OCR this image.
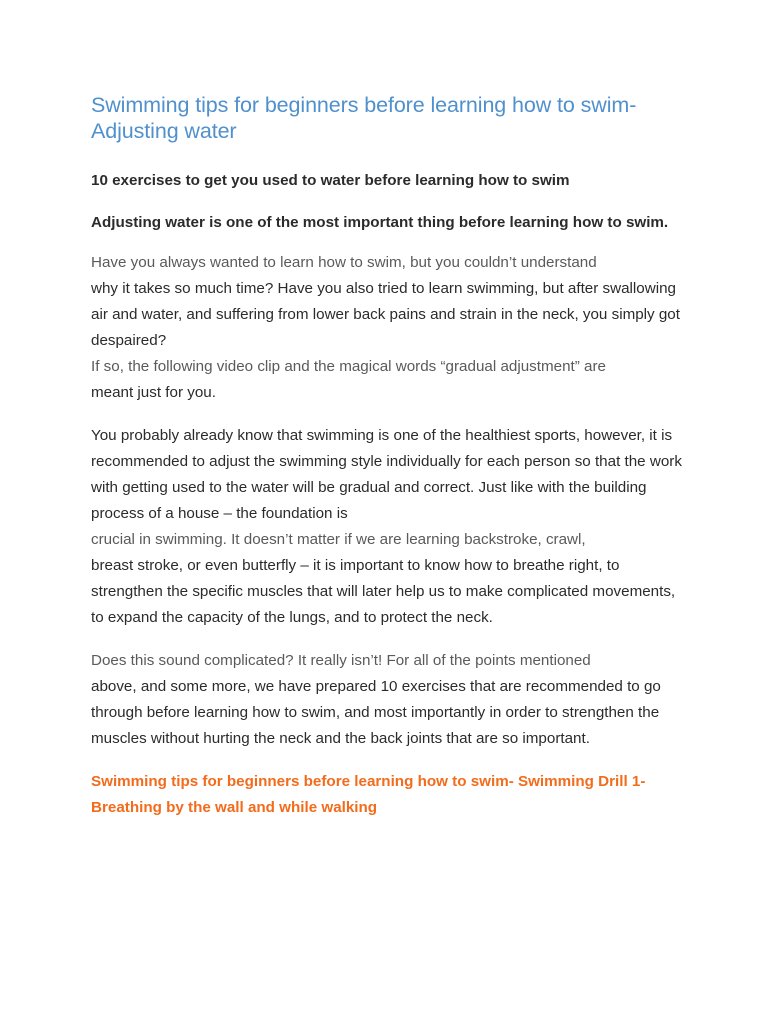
Swimming tips for beginners before learning how to swim- Adjusting water

10 exercises to get you used to water before learning how to swim

Adjusting water is one of the most important thing before learning how to swim.

Have you always wanted to learn how to swim, but you couldn’t understand
why it takes so much time? Have you also tried to learn swimming, but after swallowing air and water, and suffering from lower back pains and strain in the neck, you simply got despaired?
If so, the following video clip and the magical words “gradual adjustment” are
meant just for you.
You probably already know that swimming is one of the healthiest sports, however, it is recommended to adjust the swimming style individually for each person so that the work with getting used to the water will be gradual and correct. Just like with the building process of a house – the foundation is
crucial in swimming. It doesn’t matter if we are learning backstroke, crawl,
breast stroke, or even butterfly – it is important to know how to breathe right, to strengthen the specific muscles that will later help us to make complicated movements, to expand the capacity of the lungs, and to protect the neck.
Does this sound complicated? It really isn’t! For all of the points mentioned
above, and some more, we have prepared 10 exercises that are recommended to go through before learning how to swim, and most importantly in order to strengthen the muscles without hurting the neck and the back joints that are so important.

Swimming tips for beginners before learning how to swim- Swimming Drill 1- Breathing by the wall and while walking
